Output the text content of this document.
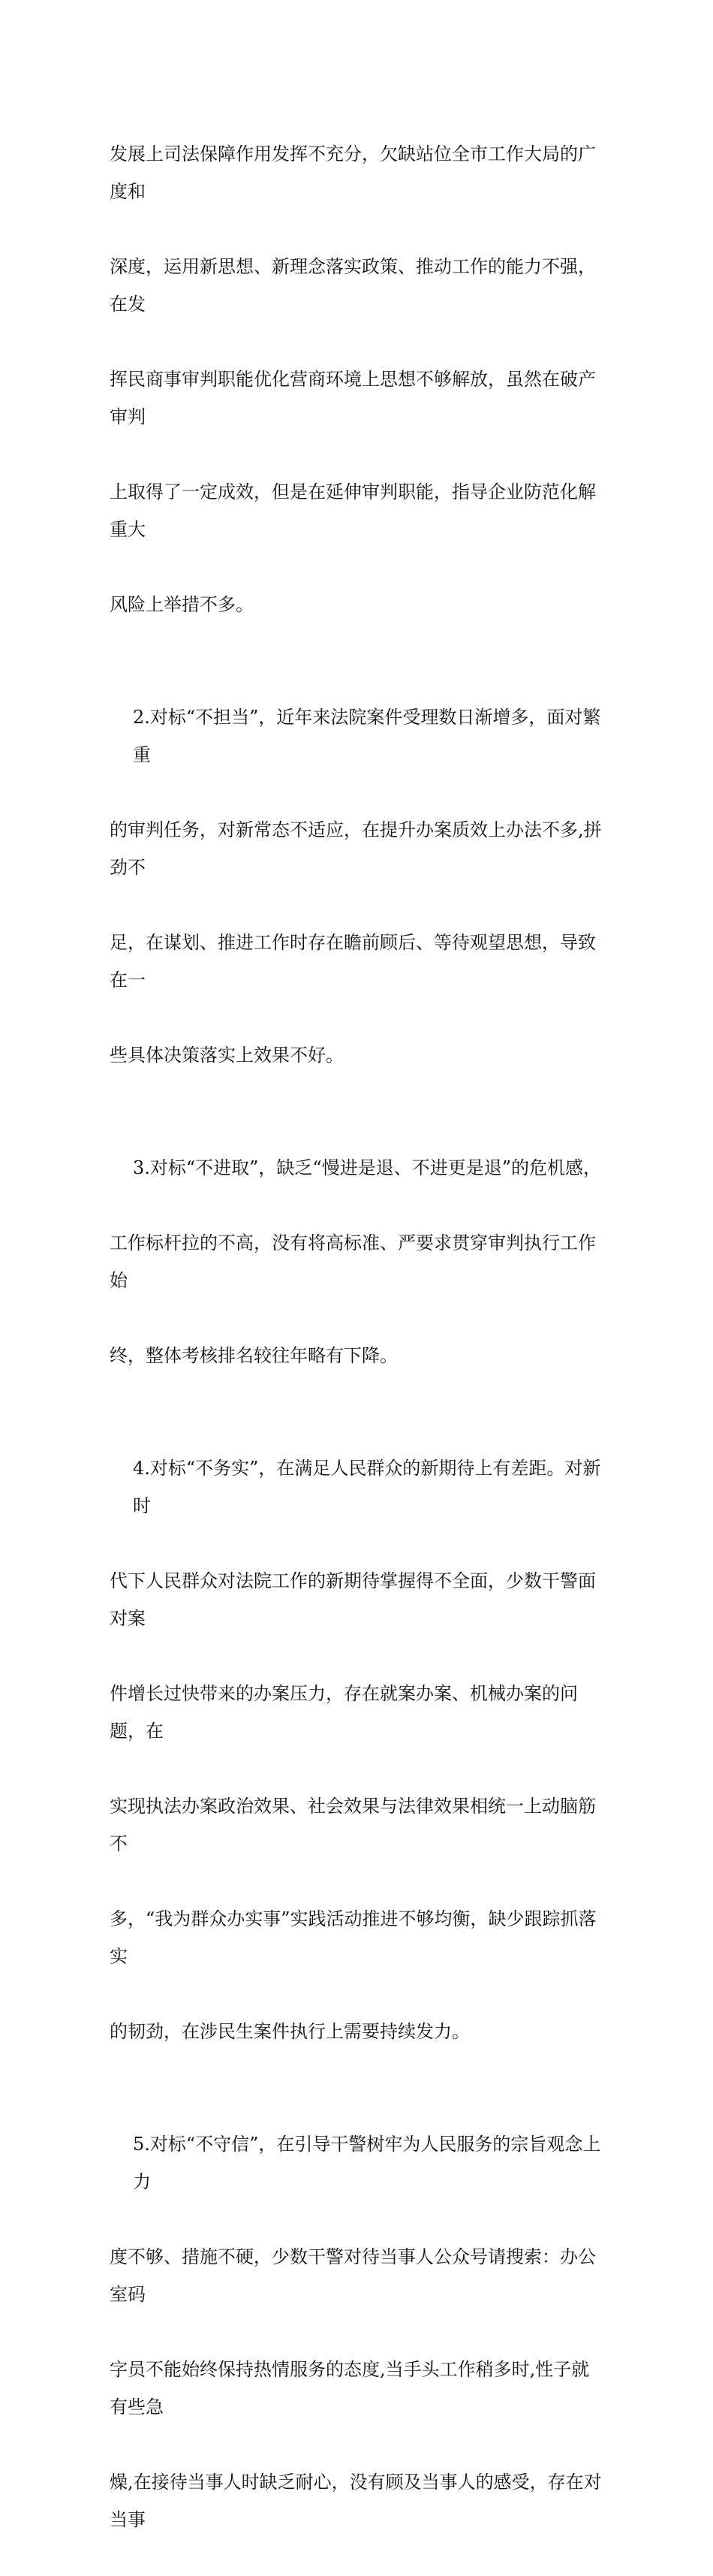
发展上司法保障作用发挥不充分，欠缺站位全市工作大局的广度和

深度，运用新思想、新理念落实政策、推动工作的能力不强，在发

挥民商事审判职能优化营商环境上思想不够解放，虽然在破产审判

上取得了一定成效，但是在延伸审判职能，指导企业防范化解重大

风险上举措不多。

2.对标“不担当”，近年来法院案件受理数日渐增多，面对繁重

的审判任务，对新常态不适应，在提升办案质效上办法不多,拼劲不

足，在谋划、推进工作时存在瞻前顾后、等待观望思想，导致在一

些具体决策落实上效果不好。

3.对标“不进取”，缺乏“慢进是退、不进更是退”的危机感，

工作标杆拉的不高，没有将高标准、严要求贯穿审判执行工作始

终，整体考核排名较往年略有下降。

4.对标“不务实”，在满足人民群众的新期待上有差距。对新时

代下人民群众对法院工作的新期待掌握得不全面，少数干警面对案

件增长过快带来的办案压力，存在就案办案、机械办案的问题，在

实现执法办案政治效果、社会效果与法律效果相统一上动脑筋不

多，“我为群众办实事”实践活动推进不够均衡，缺少跟踪抓落实

的韧劲，在涉民生案件执行上需要持续发力。

5.对标“不守信”，在引导干警树牢为人民服务的宗旨观念上力

度不够、措施不硬，少数干警对待当事人公众号请搜索：办公室码

字员不能始终保持热情服务的态度,当手头工作稍多时,性子就有些急

燥,在接待当事人时缺乏耐心，没有顾及当事人的感受，存在对当事
